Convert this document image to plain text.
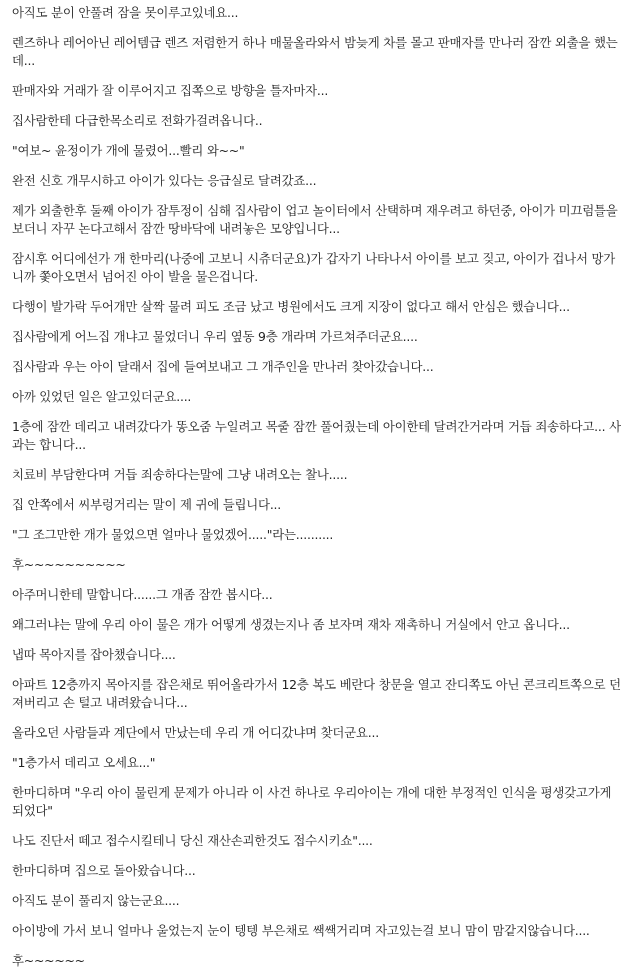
아직도 분이 안풀려 잠을 못이루고있네요...

렌즈하나 레어아닌 레어템급 렌즈 저렴한거 하나 매물올라와서 밤늦게 차를 몰고 판매자를 만나러 잠깐 외출을 했는데...

판매자와 거래가 잘 이루어지고 집쪽으로 방향을 틀자마자...

집사람한테 다급한목소리로 전화가걸려옵니다..

"여보~ 윤정이가 개에 물렸어...빨리 와~~"

완전 신호 개무시하고 아이가 있다는 응급실로 달려갔죠...

제가 외출한후 둘째 아이가 잠투정이 심해 집사람이 업고 놀이터에서 산택하며 재우려고 하던중, 아이가 미끄럼틀을 보더니 자꾸 논다고해서 잠깐 땅바닥에 내려놓은 모양입니다...

잠시후 어디에선가 개 한마리(나중에 고보니 시츄더군요)가 갑자기 나타나서 아이를 보고 짖고, 아이가 겁나서 망가니까 쫓아오면서 넘어진 아이 발을 물은겁니다.

다행이 발가락 두어개만 살짝 물려 피도 조금 났고 병원에서도 크게 지장이 없다고 해서 안심은 했습니다...

집사람에게 어느집 개냐고 물었더니 우리 옆동 9층 개라며 가르쳐주더군요....

집사람과 우는 아이 달래서 집에 들여보내고 그 개주인을 만나러 찾아갔습니다...

아까 있었던 일은 알고있더군요....

1층에 잠깐 데리고 내려갔다가 똥오줌 누일려고 목줄 잠깐 풀어줬는데 아이한테 달려간거라며 거듭 죄송하다고... 사과는 합니다...

치료비 부담한다며 거듭 죄송하다는말에 그냥 내려오는 찰나.....

집 안쪽에서 씨부렁거리는 말이 제 귀에 들립니다...

"그 조그만한 개가 물었으면 얼마나 물었겠어....."라는..........

후~~~~~~~~~~

아주머니한테 말합니다......그 개좀 잠깐 봅시다...

왜그러냐는 말에 우리 아이 물은 개가 어떻게 생겼는지나 좀 보자며 재차 재촉하니 거실에서 안고 옵니다...

냅따 목아지를 잡아챘습니다....

아파트 12층까지 목아지를 잡은채로 뛰어올라가서 12층 복도 베란다 창문을 열고 잔디쪽도 아닌 콘크리트쪽으로 던져버리고 손 털고 내려왔습니다...

올라오던 사람들과 계단에서 만났는데 우리 개 어디갔냐며 찾더군요...

"1층가서 데리고 오세요..."

한마디하며 "우리 아이 물린게 문제가 아니라 이 사건 하나로 우리아이는 개에 대한 부정적인 인식을 평생갖고가게 되었다"

나도 진단서 떼고 접수시킬테니 당신 재산손괴한것도 접수시키쇼"....

한마디하며 집으로 돌아왔습니다...

아직도 분이 풀리지 않는군요....

아이방에 가서 보니 얼마나 울었는지 눈이 텡텡 부은채로 쌕쌕거리며 자고있는걸 보니 맘이 맘같지않습니다....

후~~~~~~
